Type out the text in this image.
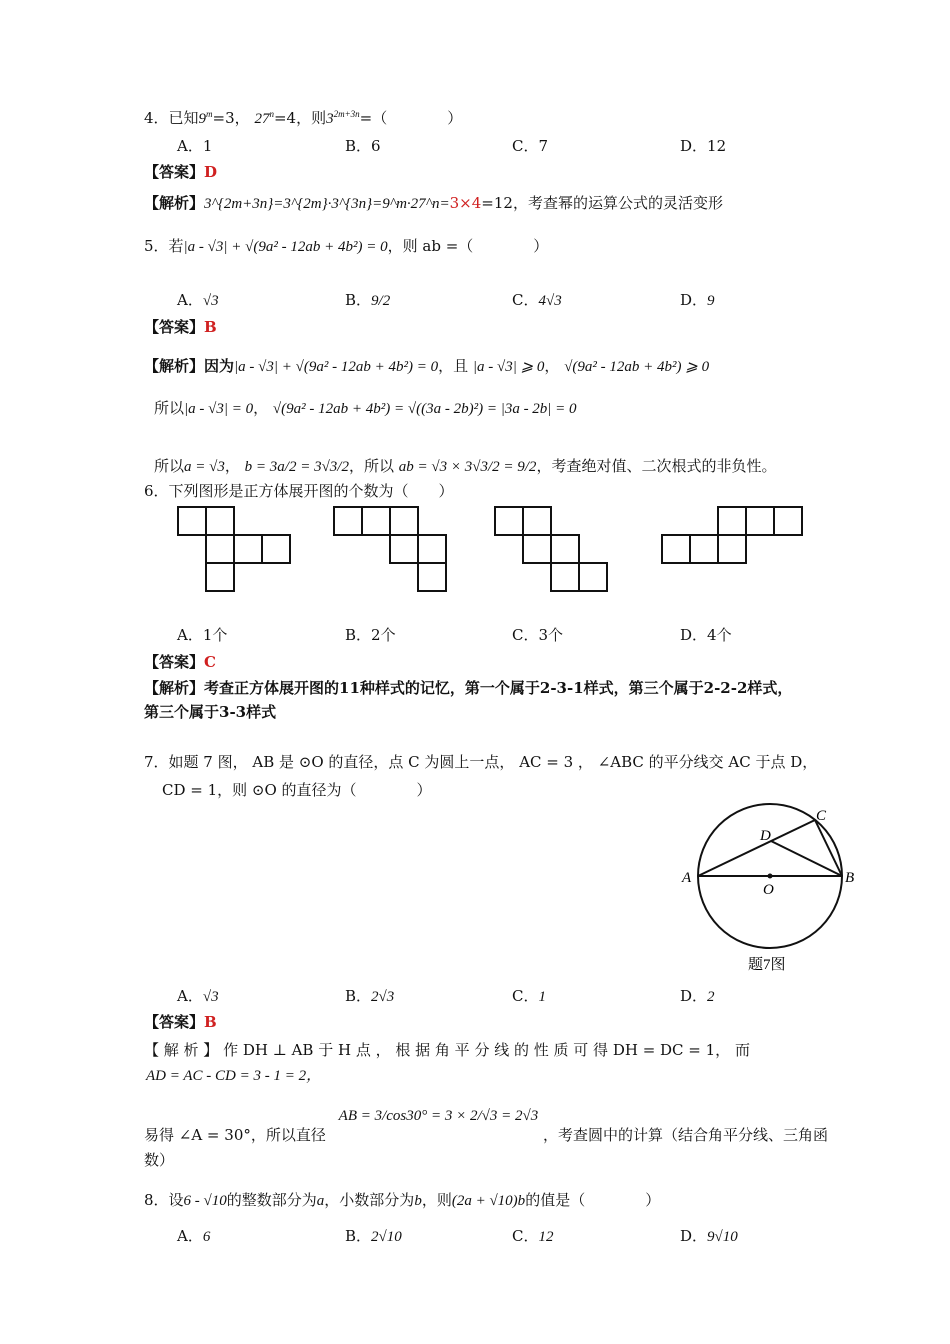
4．已知$9^m=3$， $27^n=4$，则$3^{2m+3n}=$（　　　　）
A．1	B．6	C．7	D．12
【答案】D
【解析】3^{2m+3n}=3^{2m}·3^{3n}=9^m·27^n=3×4=12，考查幂的运算公式的灵活变形
5．若|a - √3| + √(9a² - 12ab + 4b²) = 0，则 ab =（　　　　）
A．√3	B．9/2	C．4√3	D．9
【答案】B
【解析】因为|a - √3| + √(9a² - 12ab + 4b²) = 0，且 |a - √3| ⩾ 0， √(9a² - 12ab + 4b²) ⩾ 0
所以|a - √3| = 0， √(9a² - 12ab + 4b²) = √((3a - 2b)²) = |3a - 2b| = 0
所以a = √3， b = 3a/2 = 3√3/2，所以 ab = √3 × 3√3/2 = 9/2，考查绝对值、二次根式的非负性。
6．下列图形是正方体展开图的个数为（　　）
A．1个	B．2个	C．3个	D．4个
【答案】C
【解析】考查正方体展开图的11种样式的记忆，第一个属于2-3-1样式，第三个属于2-2-2样式，
第三个属于3-3样式
7．如题 7 图， AB 是 ⊙O 的直径，点 C 为圆上一点， AC = 3 ， ∠ABC 的平分线交 AC 于点 D，
CD = 1，则 ⊙O 的直径为（　　　　）
A	B
C
D
O
题7图
A．√3	B．2√3	C．1	D．2
【答案】B
【 解 析 】 作 DH ⊥ AB 于 H 点 ， 根 据 角 平 分 线 的 性 质 可 得 DH = DC = 1， 而
AD = AC - CD = 3 - 1 = 2，
易得 ∠A = 30°，所以直径 AB = 3/cos30° = 3 × 2/√3 = 2√3 ，考查圆中的计算（结合角平分线、三角函
数）
8．设6 - √10的整数部分为a，小数部分为b，则(2a + √10)b的值是（　　　　）
A．6	B．2√10	C．12	D．9√10
